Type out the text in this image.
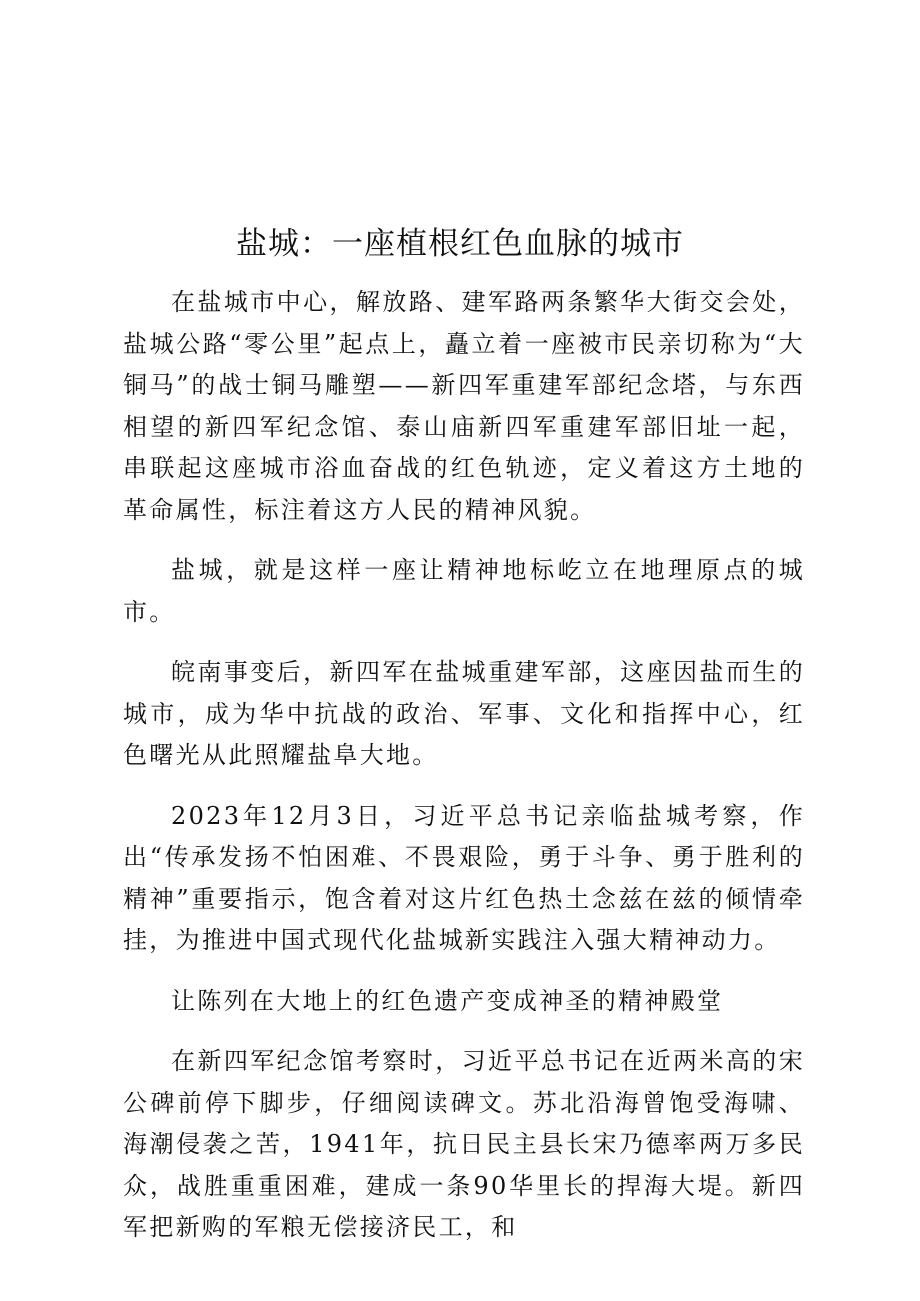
盐城：一座植根红色血脉的城市

在盐城市中心，解放路、建军路两条繁华大街交会处，盐城公路“零公里”起点上，矗立着一座被市民亲切称为“大铜马”的战士铜马雕塑——新四军重建军部纪念塔，与东西相望的新四军纪念馆、泰山庙新四军重建军部旧址一起，串联起这座城市浴血奋战的红色轨迹，定义着这方土地的革命属性，标注着这方人民的精神风貌。

盐城，就是这样一座让精神地标屹立在地理原点的城市。

皖南事变后，新四军在盐城重建军部，这座因盐而生的城市，成为华中抗战的政治、军事、文化和指挥中心，红色曙光从此照耀盐阜大地。

2023年12月3日，习近平总书记亲临盐城考察，作出“传承发扬不怕困难、不畏艰险，勇于斗争、勇于胜利的精神”重要指示，饱含着对这片红色热土念兹在兹的倾情牵挂，为推进中国式现代化盐城新实践注入强大精神动力。

让陈列在大地上的红色遗产变成神圣的精神殿堂

在新四军纪念馆考察时，习近平总书记在近两米高的宋公碑前停下脚步，仔细阅读碑文。苏北沿海曾饱受海啸、海潮侵袭之苦，1941年，抗日民主县长宋乃德率两万多民众，战胜重重困难，建成一条90华里长的捍海大堤。新四军把新购的军粮无偿接济民工，和
